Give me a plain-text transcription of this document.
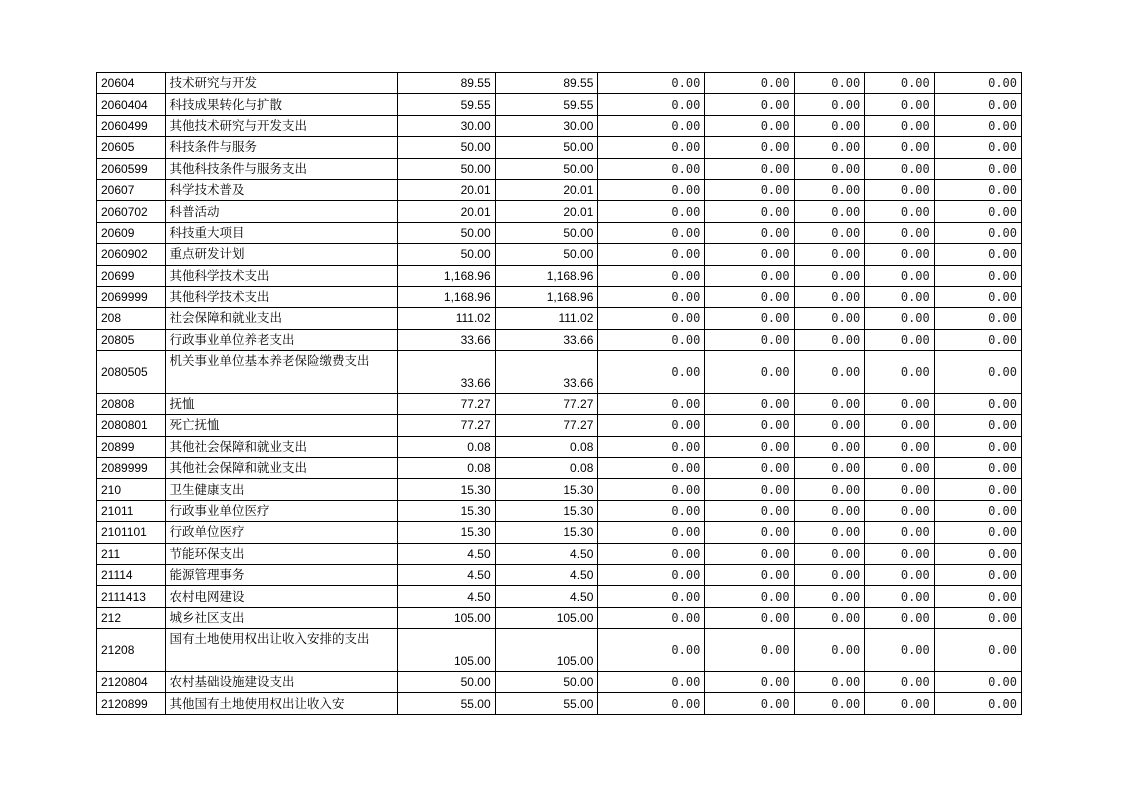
20604	技术研究与开发	89.55	89.55	0.00	0.00	0.00	0.00	0.00
2060404	科技成果转化与扩散	59.55	59.55	0.00	0.00	0.00	0.00	0.00
2060499	其他技术研究与开发支出	30.00	30.00	0.00	0.00	0.00	0.00	0.00
20605	科技条件与服务	50.00	50.00	0.00	0.00	0.00	0.00	0.00
2060599	其他科技条件与服务支出	50.00	50.00	0.00	0.00	0.00	0.00	0.00
20607	科学技术普及	20.01	20.01	0.00	0.00	0.00	0.00	0.00
2060702	科普活动	20.01	20.01	0.00	0.00	0.00	0.00	0.00
20609	科技重大项目	50.00	50.00	0.00	0.00	0.00	0.00	0.00
2060902	重点研发计划	50.00	50.00	0.00	0.00	0.00	0.00	0.00
20699	其他科学技术支出	1,168.96	1,168.96	0.00	0.00	0.00	0.00	0.00
2069999	其他科学技术支出	1,168.96	1,168.96	0.00	0.00	0.00	0.00	0.00
208	社会保障和就业支出	111.02	111.02	0.00	0.00	0.00	0.00	0.00
20805	行政事业单位养老支出	33.66	33.66	0.00	0.00	0.00	0.00	0.00
2080505	机关事业单位基本养老保险缴费支出	33.66	33.66	0.00	0.00	0.00	0.00	0.00
20808	抚恤	77.27	77.27	0.00	0.00	0.00	0.00	0.00
2080801	死亡抚恤	77.27	77.27	0.00	0.00	0.00	0.00	0.00
20899	其他社会保障和就业支出	0.08	0.08	0.00	0.00	0.00	0.00	0.00
2089999	其他社会保障和就业支出	0.08	0.08	0.00	0.00	0.00	0.00	0.00
210	卫生健康支出	15.30	15.30	0.00	0.00	0.00	0.00	0.00
21011	行政事业单位医疗	15.30	15.30	0.00	0.00	0.00	0.00	0.00
2101101	行政单位医疗	15.30	15.30	0.00	0.00	0.00	0.00	0.00
211	节能环保支出	4.50	4.50	0.00	0.00	0.00	0.00	0.00
21114	能源管理事务	4.50	4.50	0.00	0.00	0.00	0.00	0.00
2111413	农村电网建设	4.50	4.50	0.00	0.00	0.00	0.00	0.00
212	城乡社区支出	105.00	105.00	0.00	0.00	0.00	0.00	0.00
21208	国有土地使用权出让收入安排的支出	105.00	105.00	0.00	0.00	0.00	0.00	0.00
2120804	农村基础设施建设支出	50.00	50.00	0.00	0.00	0.00	0.00	0.00
2120899	其他国有土地使用权出让收入安	55.00	55.00	0.00	0.00	0.00	0.00	0.00
